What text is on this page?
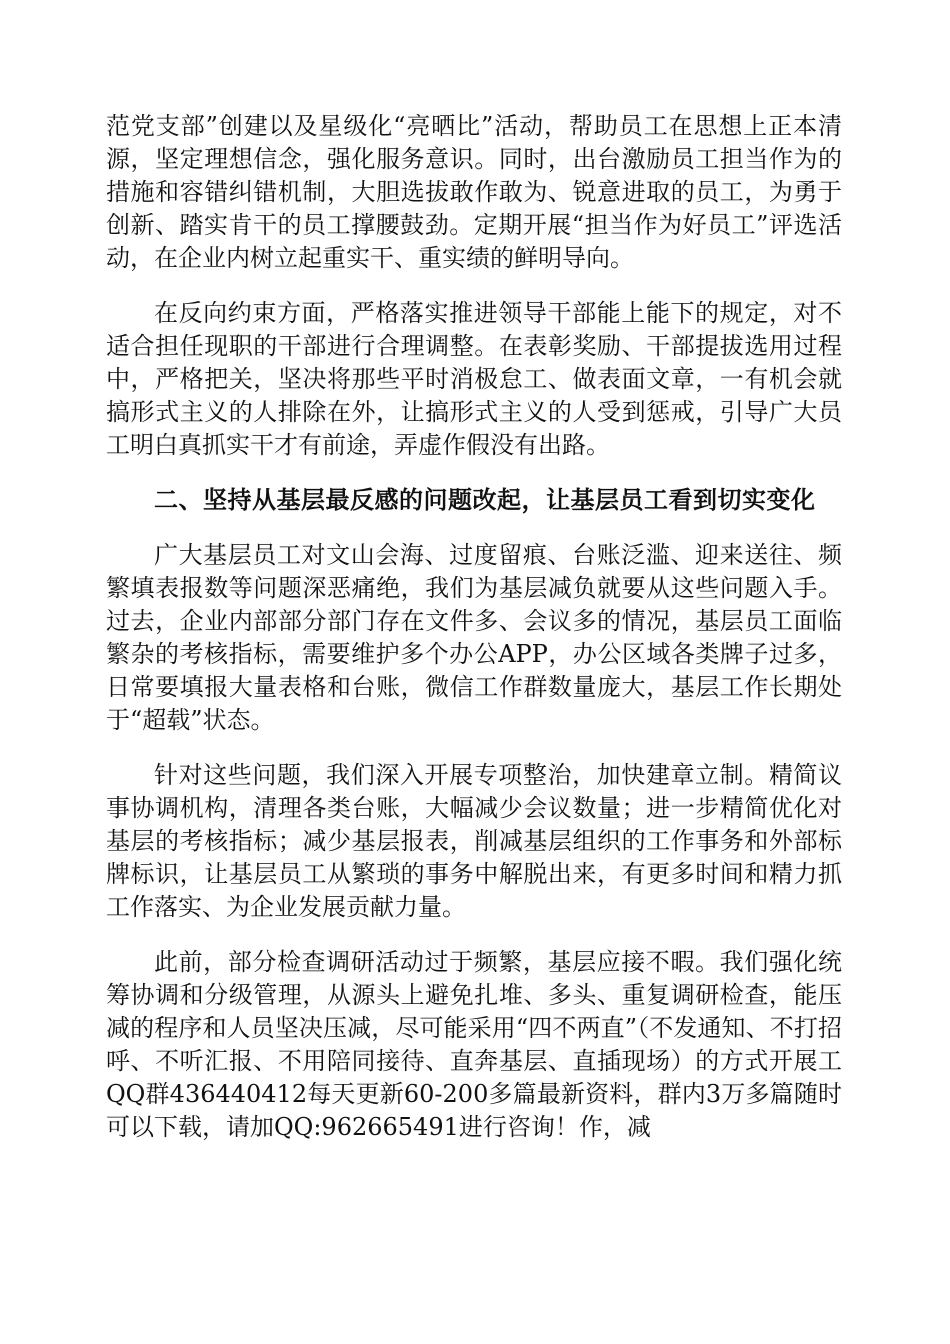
范党支部”创建以及星级化“亮晒比”活动，帮助员工在思想上正本清源，坚定理想信念，强化服务意识。同时，出台激励员工担当作为的措施和容错纠错机制，大胆选拔敢作敢为、锐意进取的员工，为勇于创新、踏实肯干的员工撑腰鼓劲。定期开展“担当作为好员工”评选活动，在企业内树立起重实干、重实绩的鲜明导向。

在反向约束方面，严格落实推进领导干部能上能下的规定，对不适合担任现职的干部进行合理调整。在表彰奖励、干部提拔选用过程中，严格把关，坚决将那些平时消极怠工、做表面文章，一有机会就搞形式主义的人排除在外，让搞形式主义的人受到惩戒，引导广大员工明白真抓实干才有前途，弄虚作假没有出路。

二、坚持从基层最反感的问题改起，让基层员工看到切实变化

广大基层员工对文山会海、过度留痕、台账泛滥、迎来送往、频繁填表报数等问题深恶痛绝，我们为基层减负就要从这些问题入手。过去，企业内部部分部门存在文件多、会议多的情况，基层员工面临繁杂的考核指标，需要维护多个办公APP，办公区域各类牌子过多，日常要填报大量表格和台账，微信工作群数量庞大，基层工作长期处于“超载”状态。

针对这些问题，我们深入开展专项整治，加快建章立制。精简议事协调机构，清理各类台账，大幅减少会议数量；进一步精简优化对基层的考核指标；减少基层报表，削减基层组织的工作事务和外部标牌标识，让基层员工从繁琐的事务中解脱出来，有更多时间和精力抓工作落实、为企业发展贡献力量。

此前，部分检查调研活动过于频繁，基层应接不暇。我们强化统筹协调和分级管理，从源头上避免扎堆、多头、重复调研检查，能压减的程序和人员坚决压减，尽可能采用“四不两直”（不发通知、不打招呼、不听汇报、不用陪同接待、直奔基层、直插现场）的方式开展工QQ群436440412每天更新60-200多篇最新资料，群内3万多篇随时可以下载，请加QQ:962665491进行咨询！作，减
